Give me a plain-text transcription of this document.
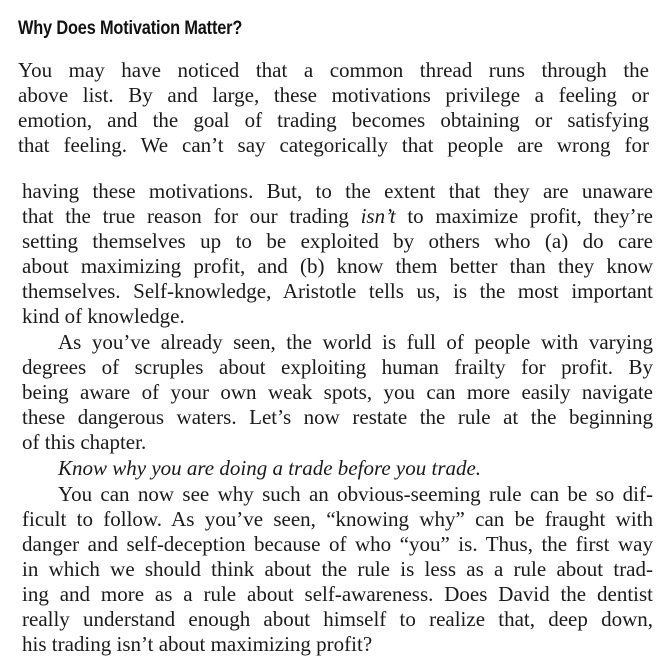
Why Does Motivation Matter?
You may have noticed that a common thread runs through the
above list. By and large, these motivations privilege a feeling or
emotion, and the goal of trading becomes obtaining or satisfying
that feeling. We can’t say categorically that people are wrong for
having these motivations. But, to the extent that they are unaware
that the true reason for our trading isn’t to maximize profit, they’re
setting themselves up to be exploited by others who (a) do care
about maximizing profit, and (b) know them better than they know
themselves. Self-knowledge, Aristotle tells us, is the most important
kind of knowledge.
As you’ve already seen, the world is full of people with varying
degrees of scruples about exploiting human frailty for profit. By
being aware of your own weak spots, you can more easily navigate
these dangerous waters. Let’s now restate the rule at the beginning
of this chapter.
Know why you are doing a trade before you trade.
You can now see why such an obvious-seeming rule can be so dif-
ficult to follow. As you’ve seen, “knowing why” can be fraught with
danger and self-deception because of who “you” is. Thus, the first way
in which we should think about the rule is less as a rule about trad-
ing and more as a rule about self-awareness. Does David the dentist
really understand enough about himself to realize that, deep down,
his trading isn’t about maximizing profit?
